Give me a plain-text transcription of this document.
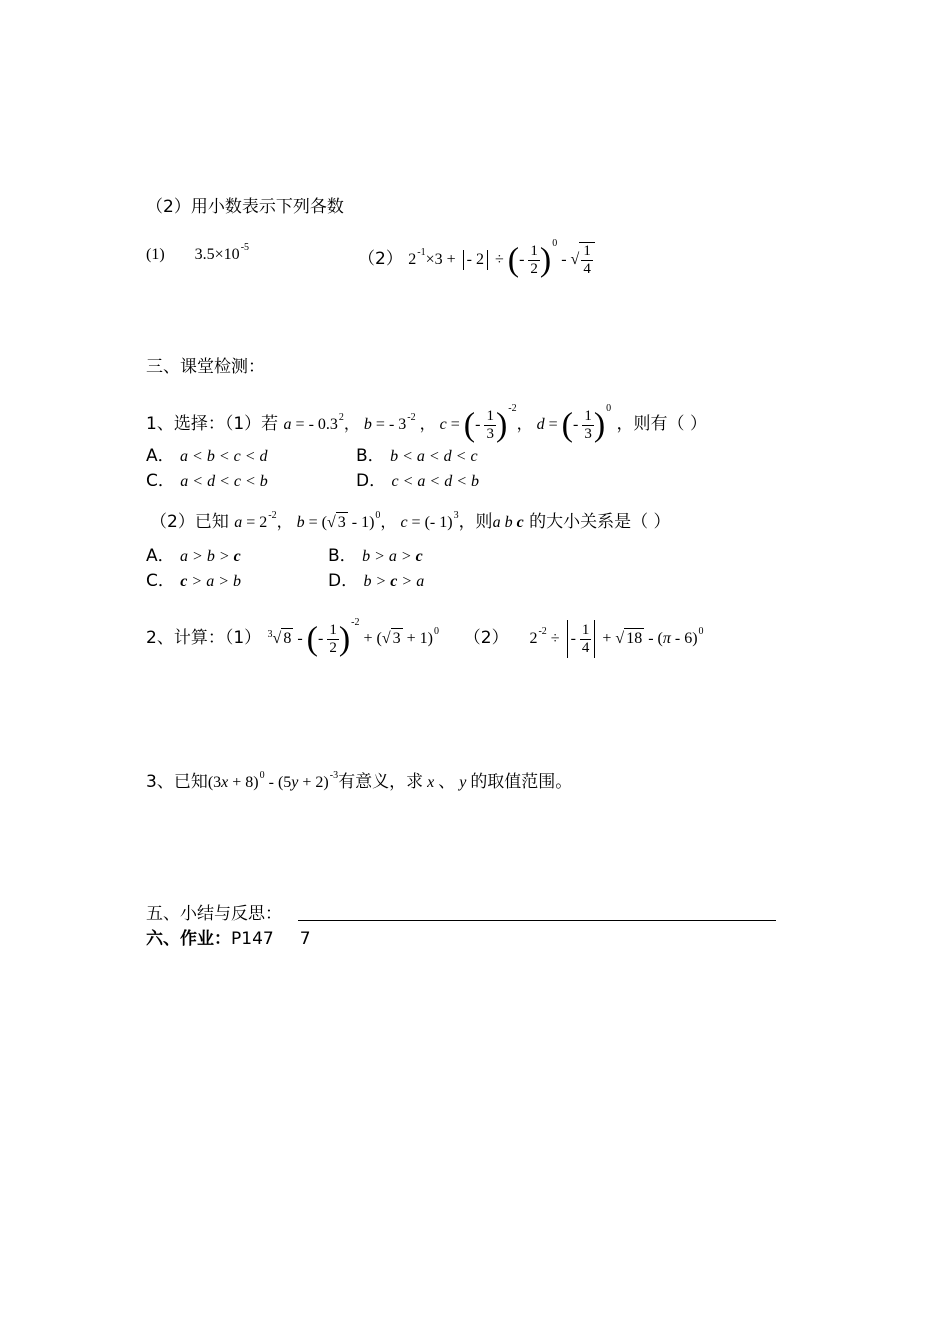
（2）用小数表示下列各数
(1) $3.5\times 10^{-5}$
（2） $2^{-1}\times 3$ + - 2 ÷ (- $\frac{1}{2} )^0$ - √ $\frac{1}{4}$
三、课堂检测：
1、选择：（1）若 a = - $0.3^2$， b = - $3^{-2}$ ， c = (- $\frac{1}{3} )^{-2}$， d = (- $\frac{1}{3} )^0$ ，则有（ ）
A． a < b < c < d	B． b < a < d < c
C． a < d < c < b	D． c < a < d < b
（2）已知 $a = 2^{-2}$， b = (√ 3 - 1)$^0$， c = (- 1)$^3$，则a b c 的大小关系是（ ）
A． a > b > c	B． b > a > c
C． c > a > b	D． b > c > a
2、计算：（1） $^3$√ 8 - (- $\frac{1}{2} )^{-2}$ + (√ 3 + 1)$^0$ （2） $2^{-2}$ ÷ - $\frac{1}{4}$ + √ 18 - (π - 6)$^0$
3、已知$(3x + 8)^0 - (5y + 2)^{-3}$有意义，求 x 、 y 的取值范围。
五、小结与反思：
六、作业：P147 7
